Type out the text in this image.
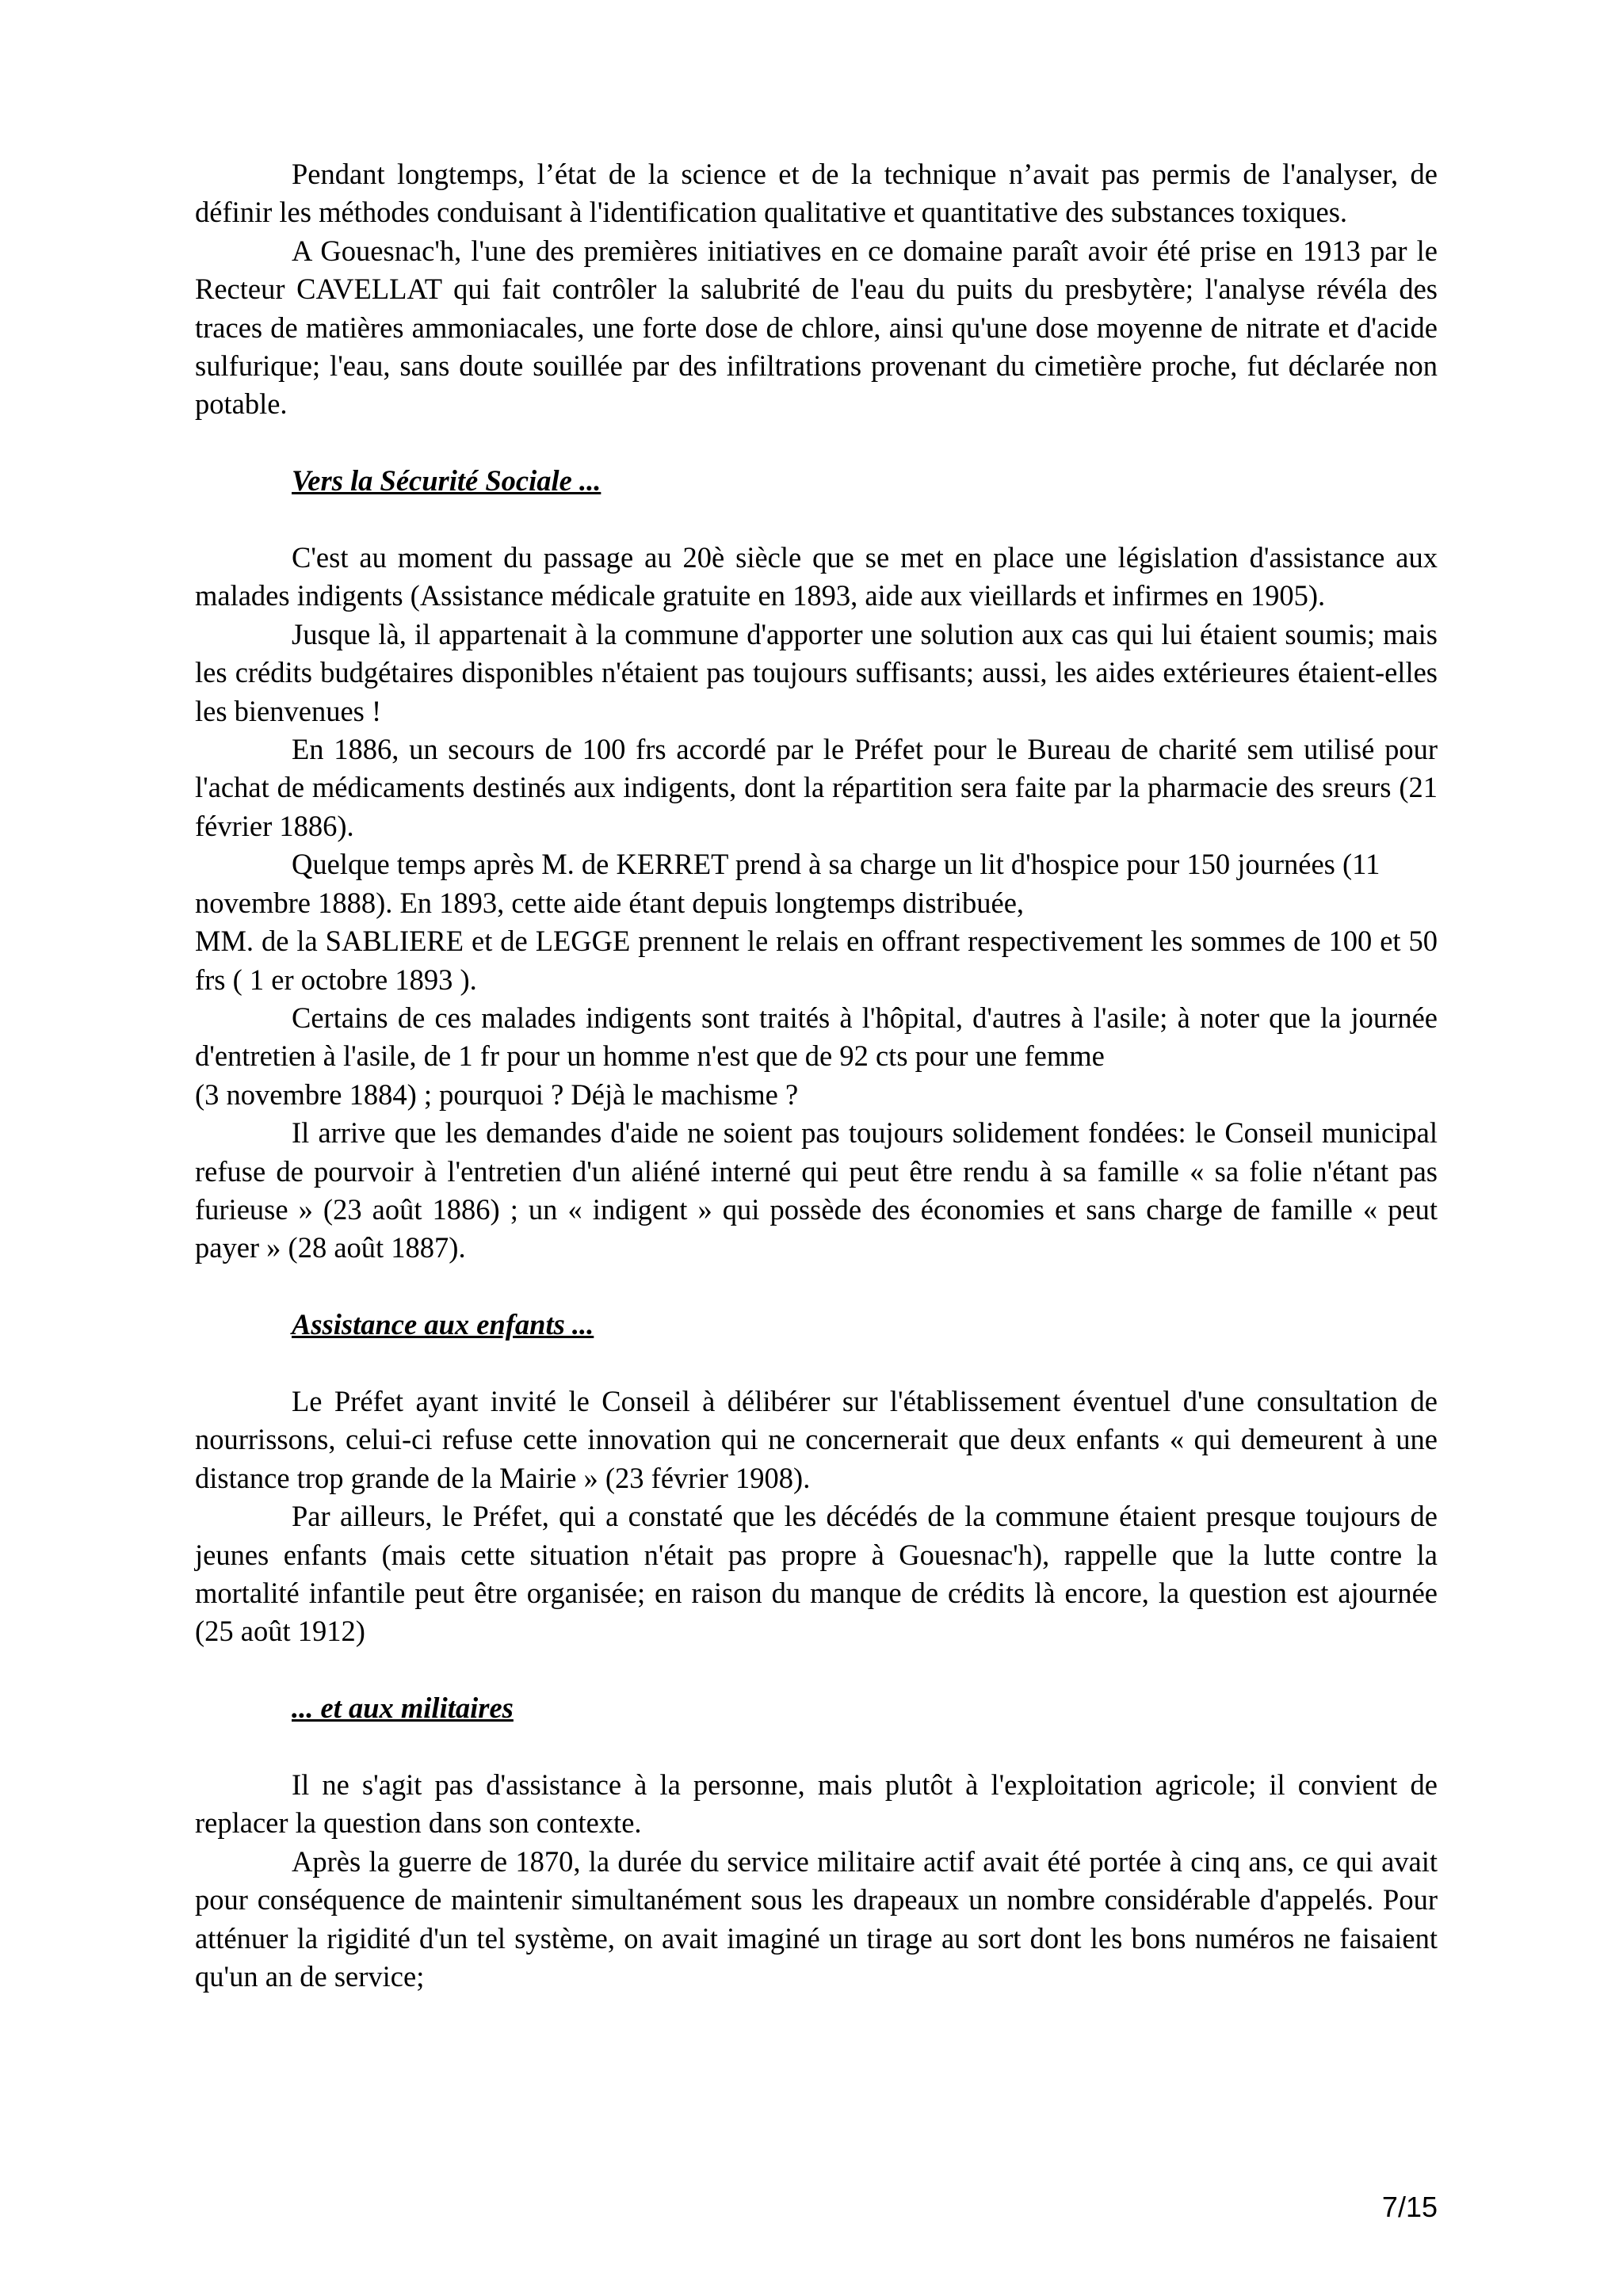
Pendant longtemps, l’état de la science et de la technique n’avait pas permis de l'analyser, de définir les méthodes conduisant à l'identification qualitative et quantitative des substances toxiques.

A Gouesnac'h, l'une des premières initiatives en ce domaine paraît avoir été prise en 1913 par le Recteur CAVELLAT qui fait contrôler la salubrité de l'eau du puits du presbytère; l'analyse révéla des traces de matières ammoniacales, une forte dose de chlore, ainsi qu'une dose moyenne de nitrate et d'acide sulfurique; l'eau, sans doute souillée par des infiltrations provenant du cimetière proche, fut déclarée non potable.

Vers la Sécurité Sociale ...

C'est au moment du passage au 20è siècle que se met en place une législation d'assistance aux malades indigents (Assistance médicale gratuite en 1893, aide aux vieillards et infirmes en 1905).

Jusque là, il appartenait à la commune d'apporter une solution aux cas qui lui étaient soumis; mais les crédits budgétaires disponibles n'étaient pas toujours suffisants; aussi, les aides extérieures étaient-elles les bienvenues !

En 1886, un secours de 100 frs accordé par le Préfet pour le Bureau de charité sem utilisé pour l'achat de médicaments destinés aux indigents, dont la répartition sera faite par la pharmacie des sreurs (21 février 1886).

Quelque temps après M. de KERRET prend à sa charge un lit d'hospice pour 150 journées (11 novembre 1888). En 1893, cette aide étant depuis longtemps distribuée,

MM. de la SABLIERE et de LEGGE prennent le relais en offrant respectivement les sommes de 100 et 50 frs ( 1 er octobre 1893 ).

Certains de ces malades indigents sont traités à l'hôpital, d'autres à l'asile; à noter que la journée d'entretien à l'asile, de 1 fr pour un homme n'est que de 92 cts pour une femme

(3 novembre 1884) ; pourquoi ? Déjà le machisme ?

Il arrive que les demandes d'aide ne soient pas toujours solidement fondées: le Conseil municipal refuse de pourvoir à l'entretien d'un aliéné interné qui peut être rendu à sa famille « sa folie n'étant pas furieuse » (23 août 1886) ; un « indigent » qui possède des économies et sans charge de famille « peut payer » (28 août 1887).

Assistance aux enfants ...

Le Préfet ayant invité le Conseil à délibérer sur l'établissement éventuel d'une consultation de nourrissons, celui-ci refuse cette innovation qui ne concernerait que deux enfants « qui demeurent à une distance trop grande de la Mairie » (23 février 1908).

Par ailleurs, le Préfet, qui a constaté que les décédés de la commune étaient presque toujours de jeunes enfants (mais cette situation n'était pas propre à Gouesnac'h), rappelle que la lutte contre la mortalité infantile peut être organisée; en raison du manque de crédits là encore, la question est ajournée (25 août 1912)

... et aux militaires

Il ne s'agit pas d'assistance à la personne, mais plutôt à l'exploitation agricole; il convient de replacer la question dans son contexte.

Après la guerre de 1870, la durée du service militaire actif avait été portée à cinq ans, ce qui avait pour conséquence de maintenir simultanément sous les drapeaux un nombre considérable d'appelés. Pour atténuer la rigidité d'un tel système, on avait imaginé un tirage au sort dont les bons numéros ne faisaient qu'un an de service;

7/15
